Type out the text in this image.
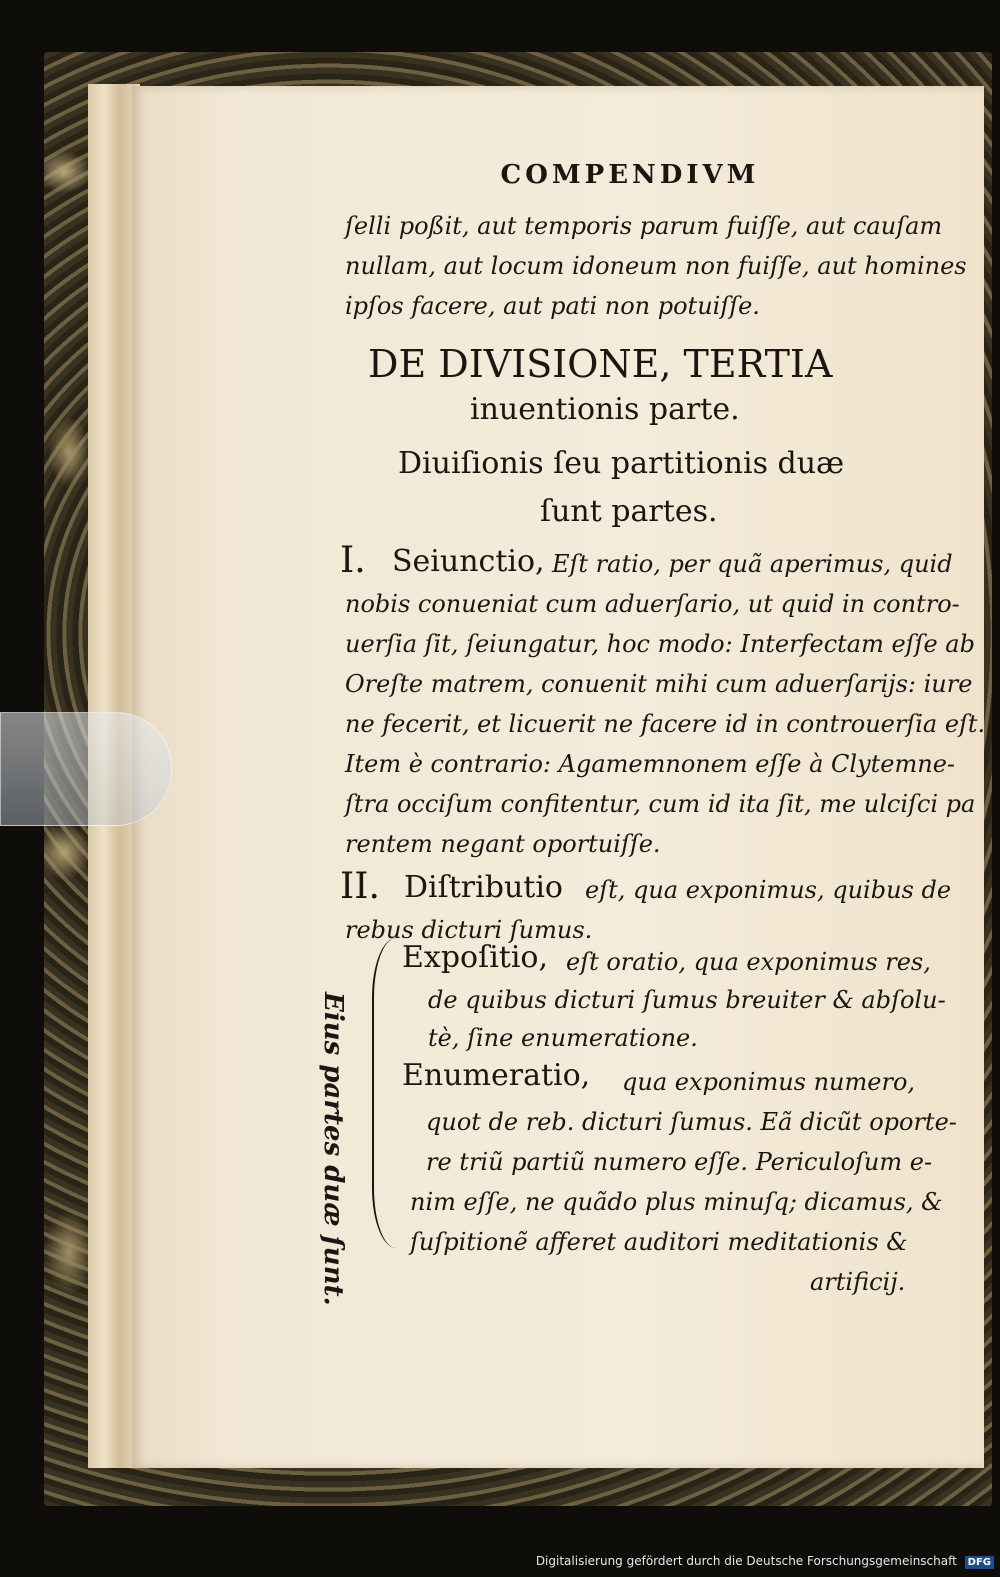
COMPENDIVM
ſelli poßit, aut temporis parum fuiſſe, aut cauſam
nullam, aut locum idoneum non fuiſſe, aut homines
ipſos facere, aut pati non potuiſſe.
DE DIVISIONE, TERTIA
inuentionis parte.
Diuiſionis ſeu partitionis duæ
ſunt partes.
I. Seiunctio, Eſt ratio, per quã aperimus, quid
nobis conueniat cum aduerſario, ut quid in contro-
uerſia ſit, ſeiungatur, hoc modo: Interfectam eſſe ab
Oreſte matrem, conuenit mihi cum aduerſarijs: iure
ne fecerit, et licuerit ne facere id in controuerſia eſt.
Item è contrario: Agamemnonem eſſe à Clytemne-
ſtra occiſum confitentur, cum id ita ſit, me ulciſci pa
rentem negant oportuiſſe.
II. Diſtributio eſt, qua exponimus, quibus de
rebus dicturi ſumus.
Eius partes duæ ſunt.
Expoſitio, eſt oratio, qua exponimus res,
de quibus dicturi ſumus breuiter & abſolu-
tè, ſine enumeratione.
Enumeratio, qua exponimus numero,
quot de reb. dicturi ſumus. Eã dicũt oporte-
re triũ partiũ numero eſſe. Periculoſum e-
nim eſſe, ne quãdo plus minuſq; dicamus, &
ſuſpitionẽ afferet auditori meditationis &
artificij.
Digitalisierung gefördert durch die Deutsche Forschungsgemeinschaft DFG
